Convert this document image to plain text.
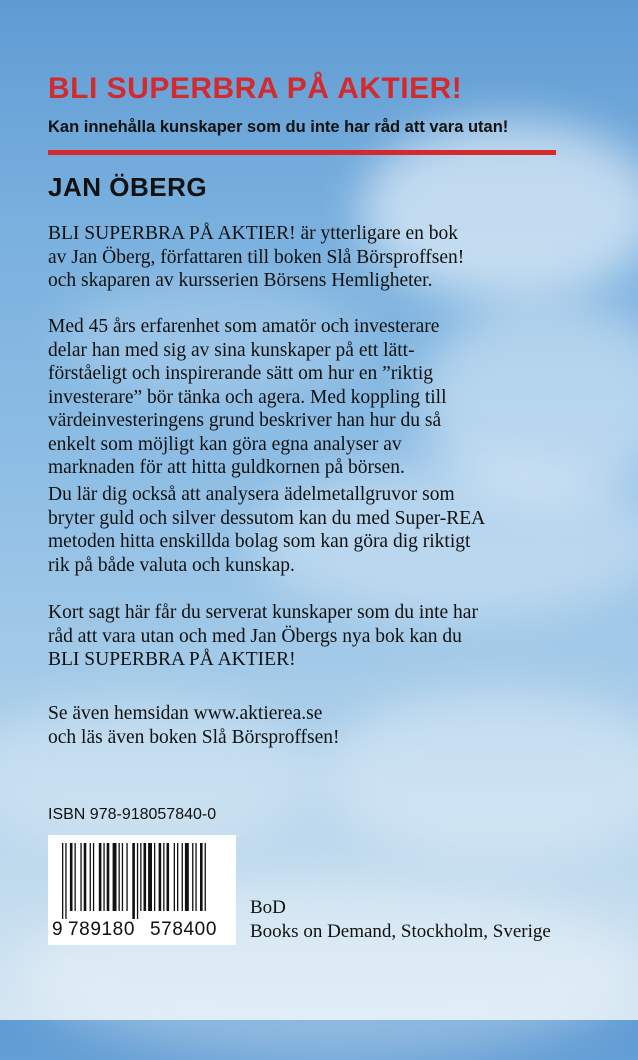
BLI SUPERBRA PÅ AKTIER!

Kan innehålla kunskaper som du inte har råd att vara utan!

JAN ÖBERG
BLI SUPERBRA PÅ AKTIER! är ytterligare en bok
av Jan Öberg, författaren till boken Slå Börsproffsen!
och skaparen av kursserien Börsens Hemligheter.
Med 45 års erfarenhet som amatör och investerare
delar han med sig av sina kunskaper på ett lätt-
förståeligt och inspirerande sätt om hur en ”riktig
investerare” bör tänka och agera. Med koppling till
värdeinvesteringens grund beskriver han hur du så
enkelt som möjligt kan göra egna analyser av
marknaden för att hitta guldkornen på börsen.
Du lär dig också att analysera ädelmetallgruvor som
bryter guld och silver dessutom kan du med Super-REA
metoden hitta enskillda bolag som kan göra dig riktigt
rik på både valuta och kunskap.
Kort sagt här får du serverat kunskaper som du inte har
råd att vara utan och med Jan Öbergs nya bok kan du
BLI SUPERBRA PÅ AKTIER!
Se även hemsidan www.aktierea.se
och läs även boken Slå Börsproffsen!

ISBN 978-918057840-0

9 789180 578400

BoD

Books on Demand, Stockholm, Sverige
